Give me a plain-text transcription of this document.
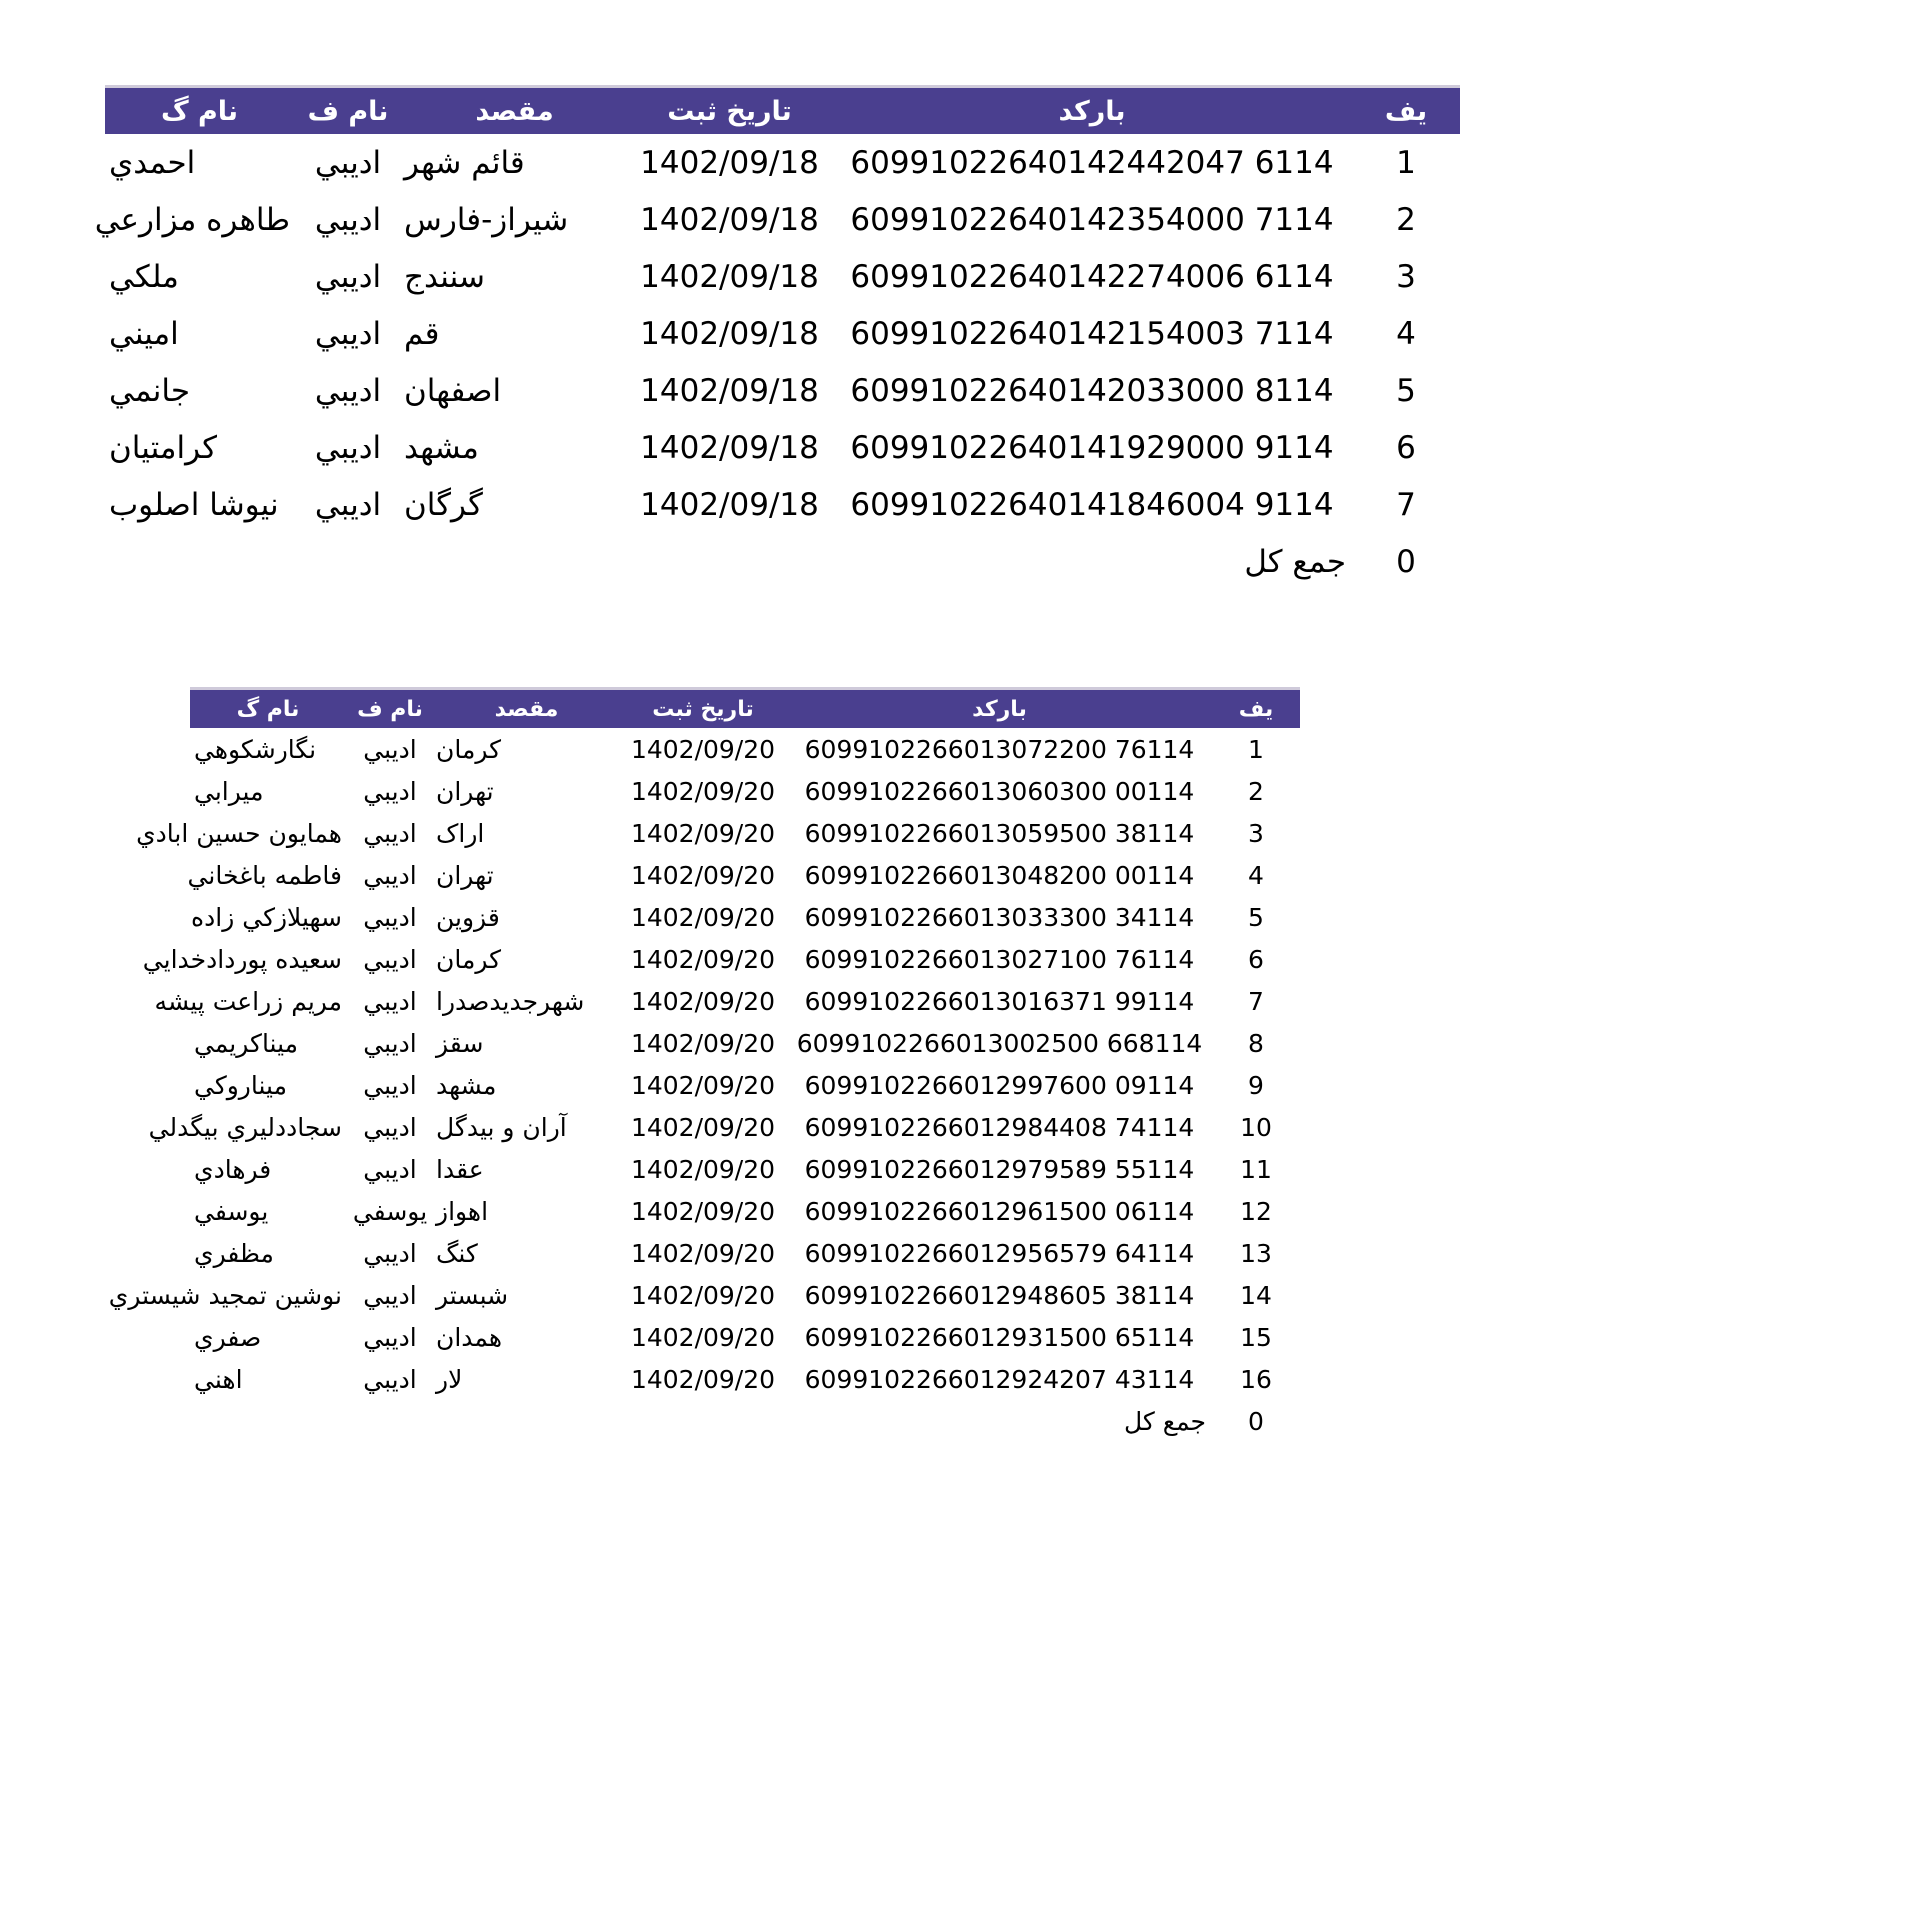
یف	بارکد	تاریخ ثبت	مقصد	نام ف	نام گ
1	60991022640142442047 6114	1402/09/18	قائم شهر	ادیبي	احمدي
2	60991022640142354000 7114	1402/09/18	شیراز-فارس	ادیبي	طاهره مزارعي
3	60991022640142274006 6114	1402/09/18	سنندج	ادیبي	ملکي
4	60991022640142154003 7114	1402/09/18	قم	ادیبي	امیني
5	60991022640142033000 8114	1402/09/18	اصفهان	ادیبي	جانمي
6	60991022640141929000 9114	1402/09/18	مشهد	ادیبي	کرامتیان
7	60991022640141846004 9114	1402/09/18	گرگان	ادیبي	نیوشا اصلوب
0	جمع کل				
یف	بارکد	تاریخ ثبت	مقصد	نام ف	نام گ
1	6099102266013072200 76114	1402/09/20	کرمان	ادیبي	نگارشکوهي
2	6099102266013060300 00114	1402/09/20	تهران	ادیبي	میرابي
3	6099102266013059500 38114	1402/09/20	اراک	ادیبي	همایون حسین ابادي
4	6099102266013048200 00114	1402/09/20	تهران	ادیبي	فاطمه باغخاني
5	6099102266013033300 34114	1402/09/20	قزوین	ادیبي	سهیلازکي زاده
6	6099102266013027100 76114	1402/09/20	کرمان	ادیبي	سعیده پوردادخدایي
7	6099102266013016371 99114	1402/09/20	شهرجدیدصدرا	ادیبي	مریم زراعت پیشه
8	6099102266013002500 668114	1402/09/20	سقز	ادیبي	میناکریمي
9	6099102266012997600 09114	1402/09/20	مشهد	ادیبي	میناروکي
10	6099102266012984408 74114	1402/09/20	آران و بیدگل	ادیبي	سجاددلیري بیگدلي
11	6099102266012979589 55114	1402/09/20	عقدا	ادیبي	فرهادي
12	6099102266012961500 06114	1402/09/20	اهواز	یوسفي	یوسفي
13	6099102266012956579 64114	1402/09/20	کنگ	ادیبي	مظفري
14	6099102266012948605 38114	1402/09/20	شبستر	ادیبي	نوشین تمجید شیستري
15	6099102266012931500 65114	1402/09/20	همدان	ادیبي	صفري
16	6099102266012924207 43114	1402/09/20	لار	ادیبي	اهني
0	جمع کل				
